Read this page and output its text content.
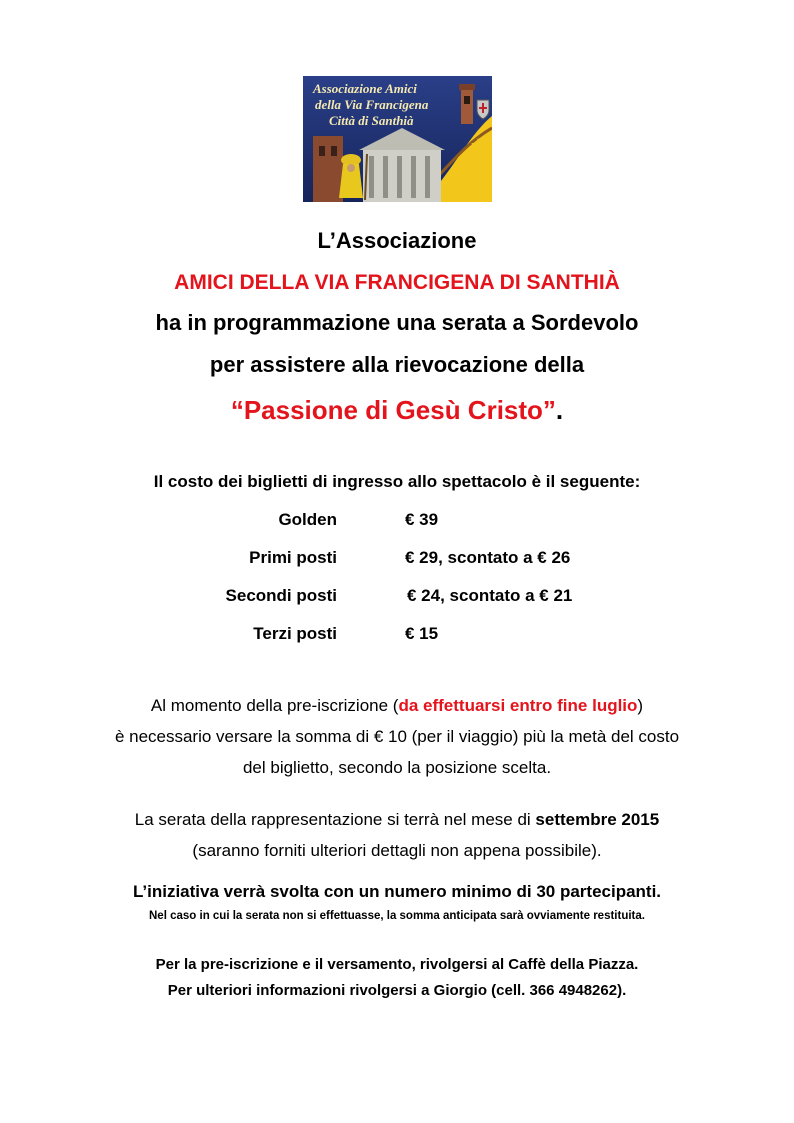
Associazione Amici
della Via Francigena
Città di Santhià
L’Associazione
AMICI DELLA VIA FRANCIGENA DI SANTHIÀ
ha in programmazione una serata a Sordevolo
per assistere alla rievocazione della
“Passione di Gesù Cristo”.
Il costo dei biglietti di ingresso allo spettacolo è il seguente:
Golden	€ 39
Primi posti	€ 29, scontato a € 26
Secondi posti	€ 24, scontato a € 21
Terzi posti	€ 15
Al momento della pre-iscrizione (da effettuarsi entro fine luglio)
è necessario versare la somma di € 10 (per il viaggio) più la metà del costo
del biglietto, secondo la posizione scelta.
La serata della rappresentazione si terrà nel mese di settembre 2015
(saranno forniti ulteriori dettagli non appena possibile).
L’iniziativa verrà svolta con un numero minimo di 30 partecipanti.
Nel caso in cui la serata non si effettuasse, la somma anticipata sarà ovviamente restituita.
Per la pre-iscrizione e il versamento, rivolgersi al Caffè della Piazza.
Per ulteriori informazioni rivolgersi a Giorgio (cell. 366 4948262).
